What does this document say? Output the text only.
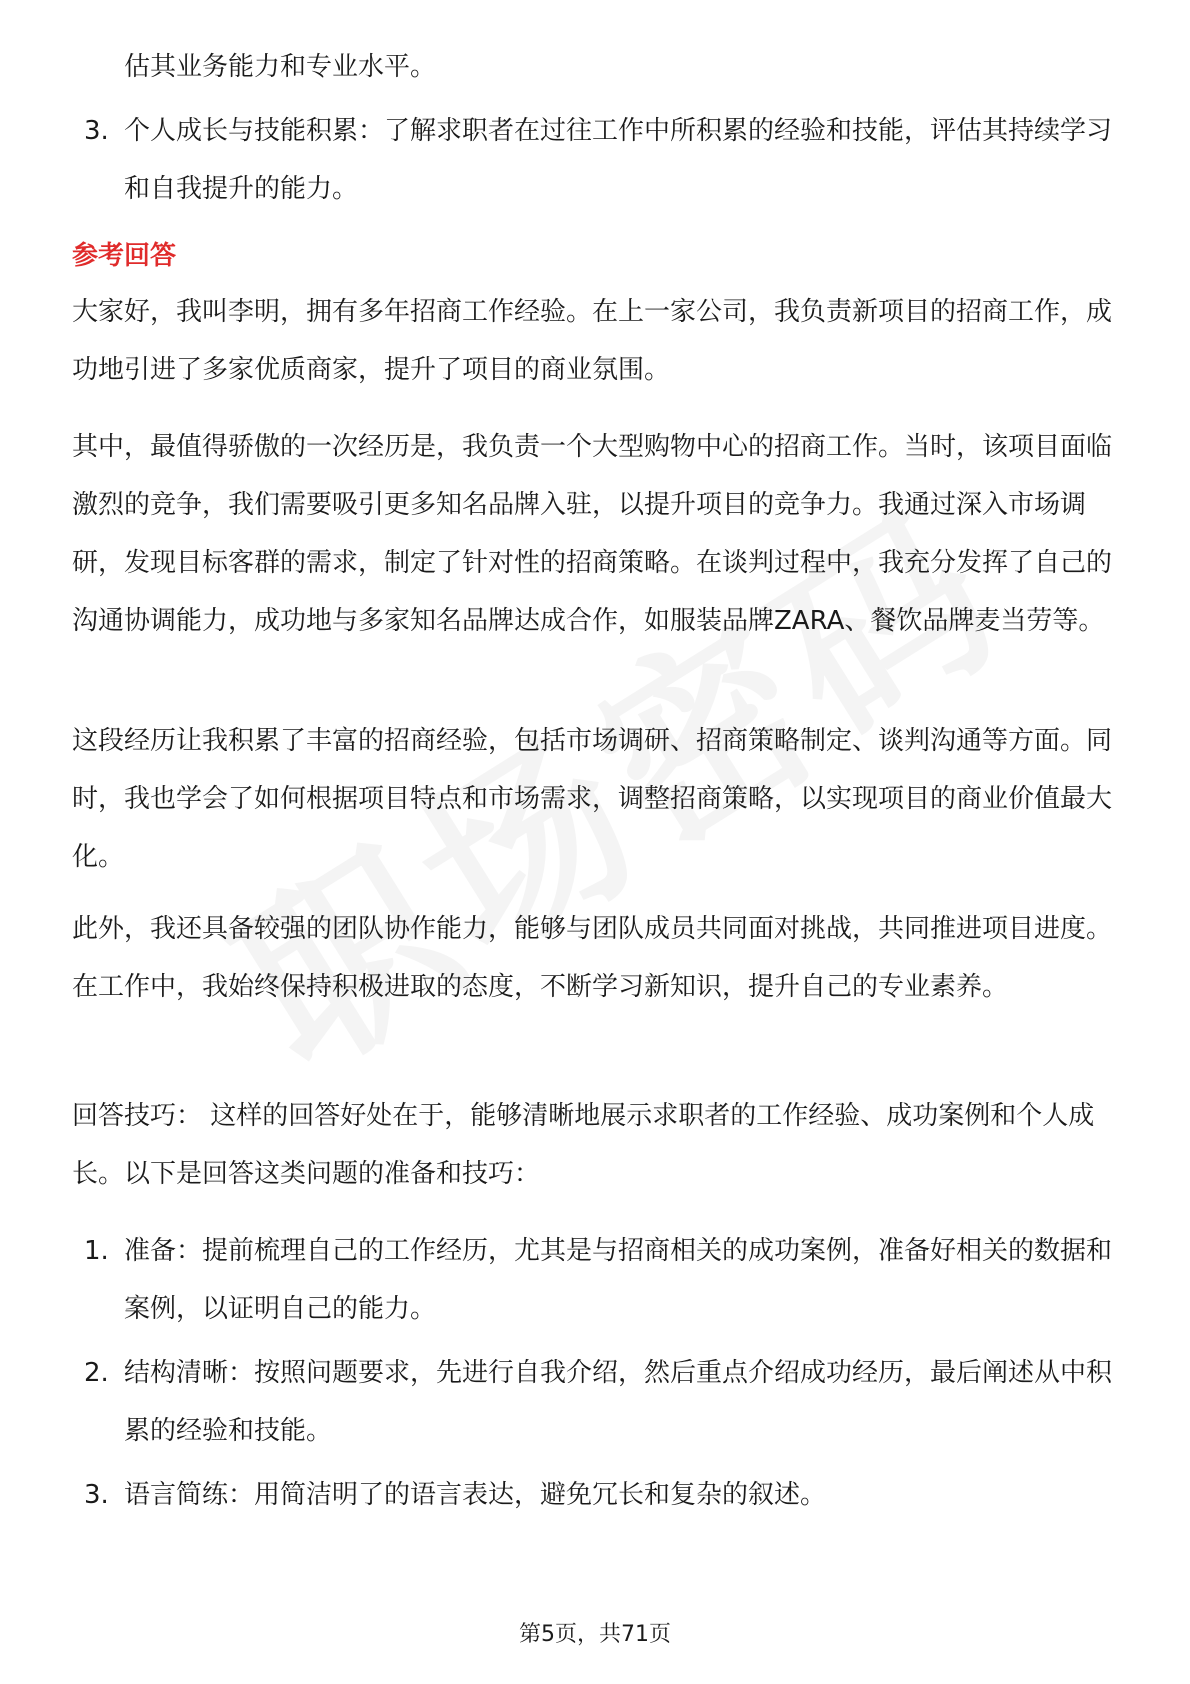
估其业务能力和专业水平。
3. 个人成长与技能积累：了解求职者在过往工作中所积累的经验和技能，评估其持续学习和自我提升的能力。
参考回答

大家好，我叫李明，拥有多年招商工作经验。在上一家公司，我负责新项目的招商工作，成功地引进了多家优质商家，提升了项目的商业氛围。

其中，最值得骄傲的一次经历是，我负责一个大型购物中心的招商工作。当时，该项目面临激烈的竞争，我们需要吸引更多知名品牌入驻，以提升项目的竞争力。我通过深入市场调研，发现目标客群的需求，制定了针对性的招商策略。在谈判过程中，我充分发挥了自己的沟通协调能力，成功地与多家知名品牌达成合作，如服装品牌ZARA、餐饮品牌麦当劳等。

这段经历让我积累了丰富的招商经验，包括市场调研、招商策略制定、谈判沟通等方面。同时，我也学会了如何根据项目特点和市场需求，调整招商策略，以实现项目的商业价值最大化。

此外，我还具备较强的团队协作能力，能够与团队成员共同面对挑战，共同推进项目进度。在工作中，我始终保持积极进取的态度，不断学习新知识，提升自己的专业素养。

回答技巧： 这样的回答好处在于，能够清晰地展示求职者的工作经验、成功案例和个人成长。以下是回答这类问题的准备和技巧：

1. 准备：提前梳理自己的工作经历，尤其是与招商相关的成功案例，准备好相关的数据和案例，以证明自己的能力。
2. 结构清晰：按照问题要求，先进行自我介绍，然后重点介绍成功经历，最后阐述从中积累的经验和技能。
3. 语言简练：用简洁明了的语言表达，避免冗长和复杂的叙述。
第5页，共71页
